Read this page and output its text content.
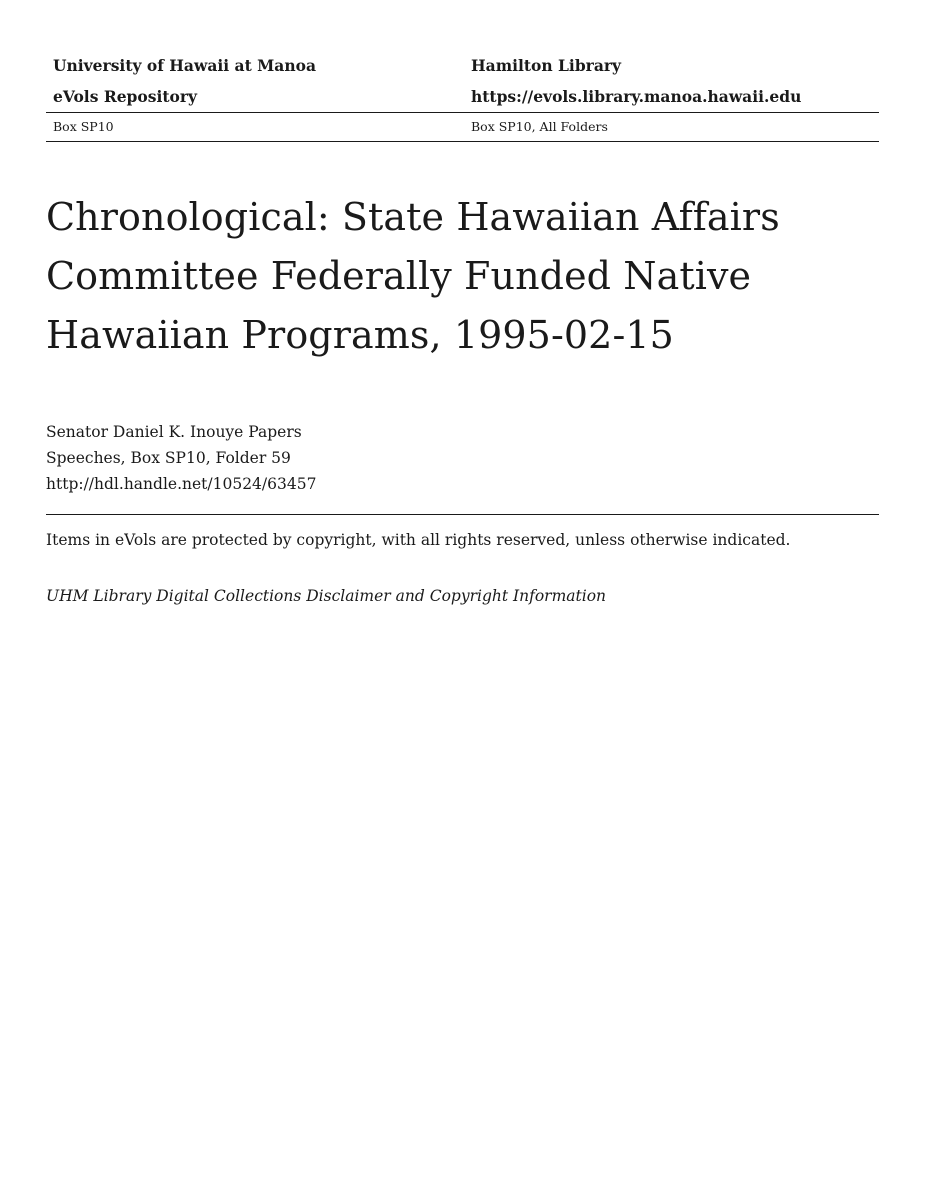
University of Hawaii at Manoa	Hamilton Library
eVols Repository	https://evols.library.manoa.hawaii.edu
Box SP10	Box SP10, All Folders
Chronological: State Hawaiian Affairs
Committee Federally Funded Native
Hawaiian Programs, 1995-02-15
Senator Daniel K. Inouye Papers
Speeches, Box SP10, Folder 59
http://hdl.handle.net/10524/63457
Items in eVols are protected by copyright, with all rights reserved, unless otherwise indicated.
UHM Library Digital Collections Disclaimer and Copyright Information
